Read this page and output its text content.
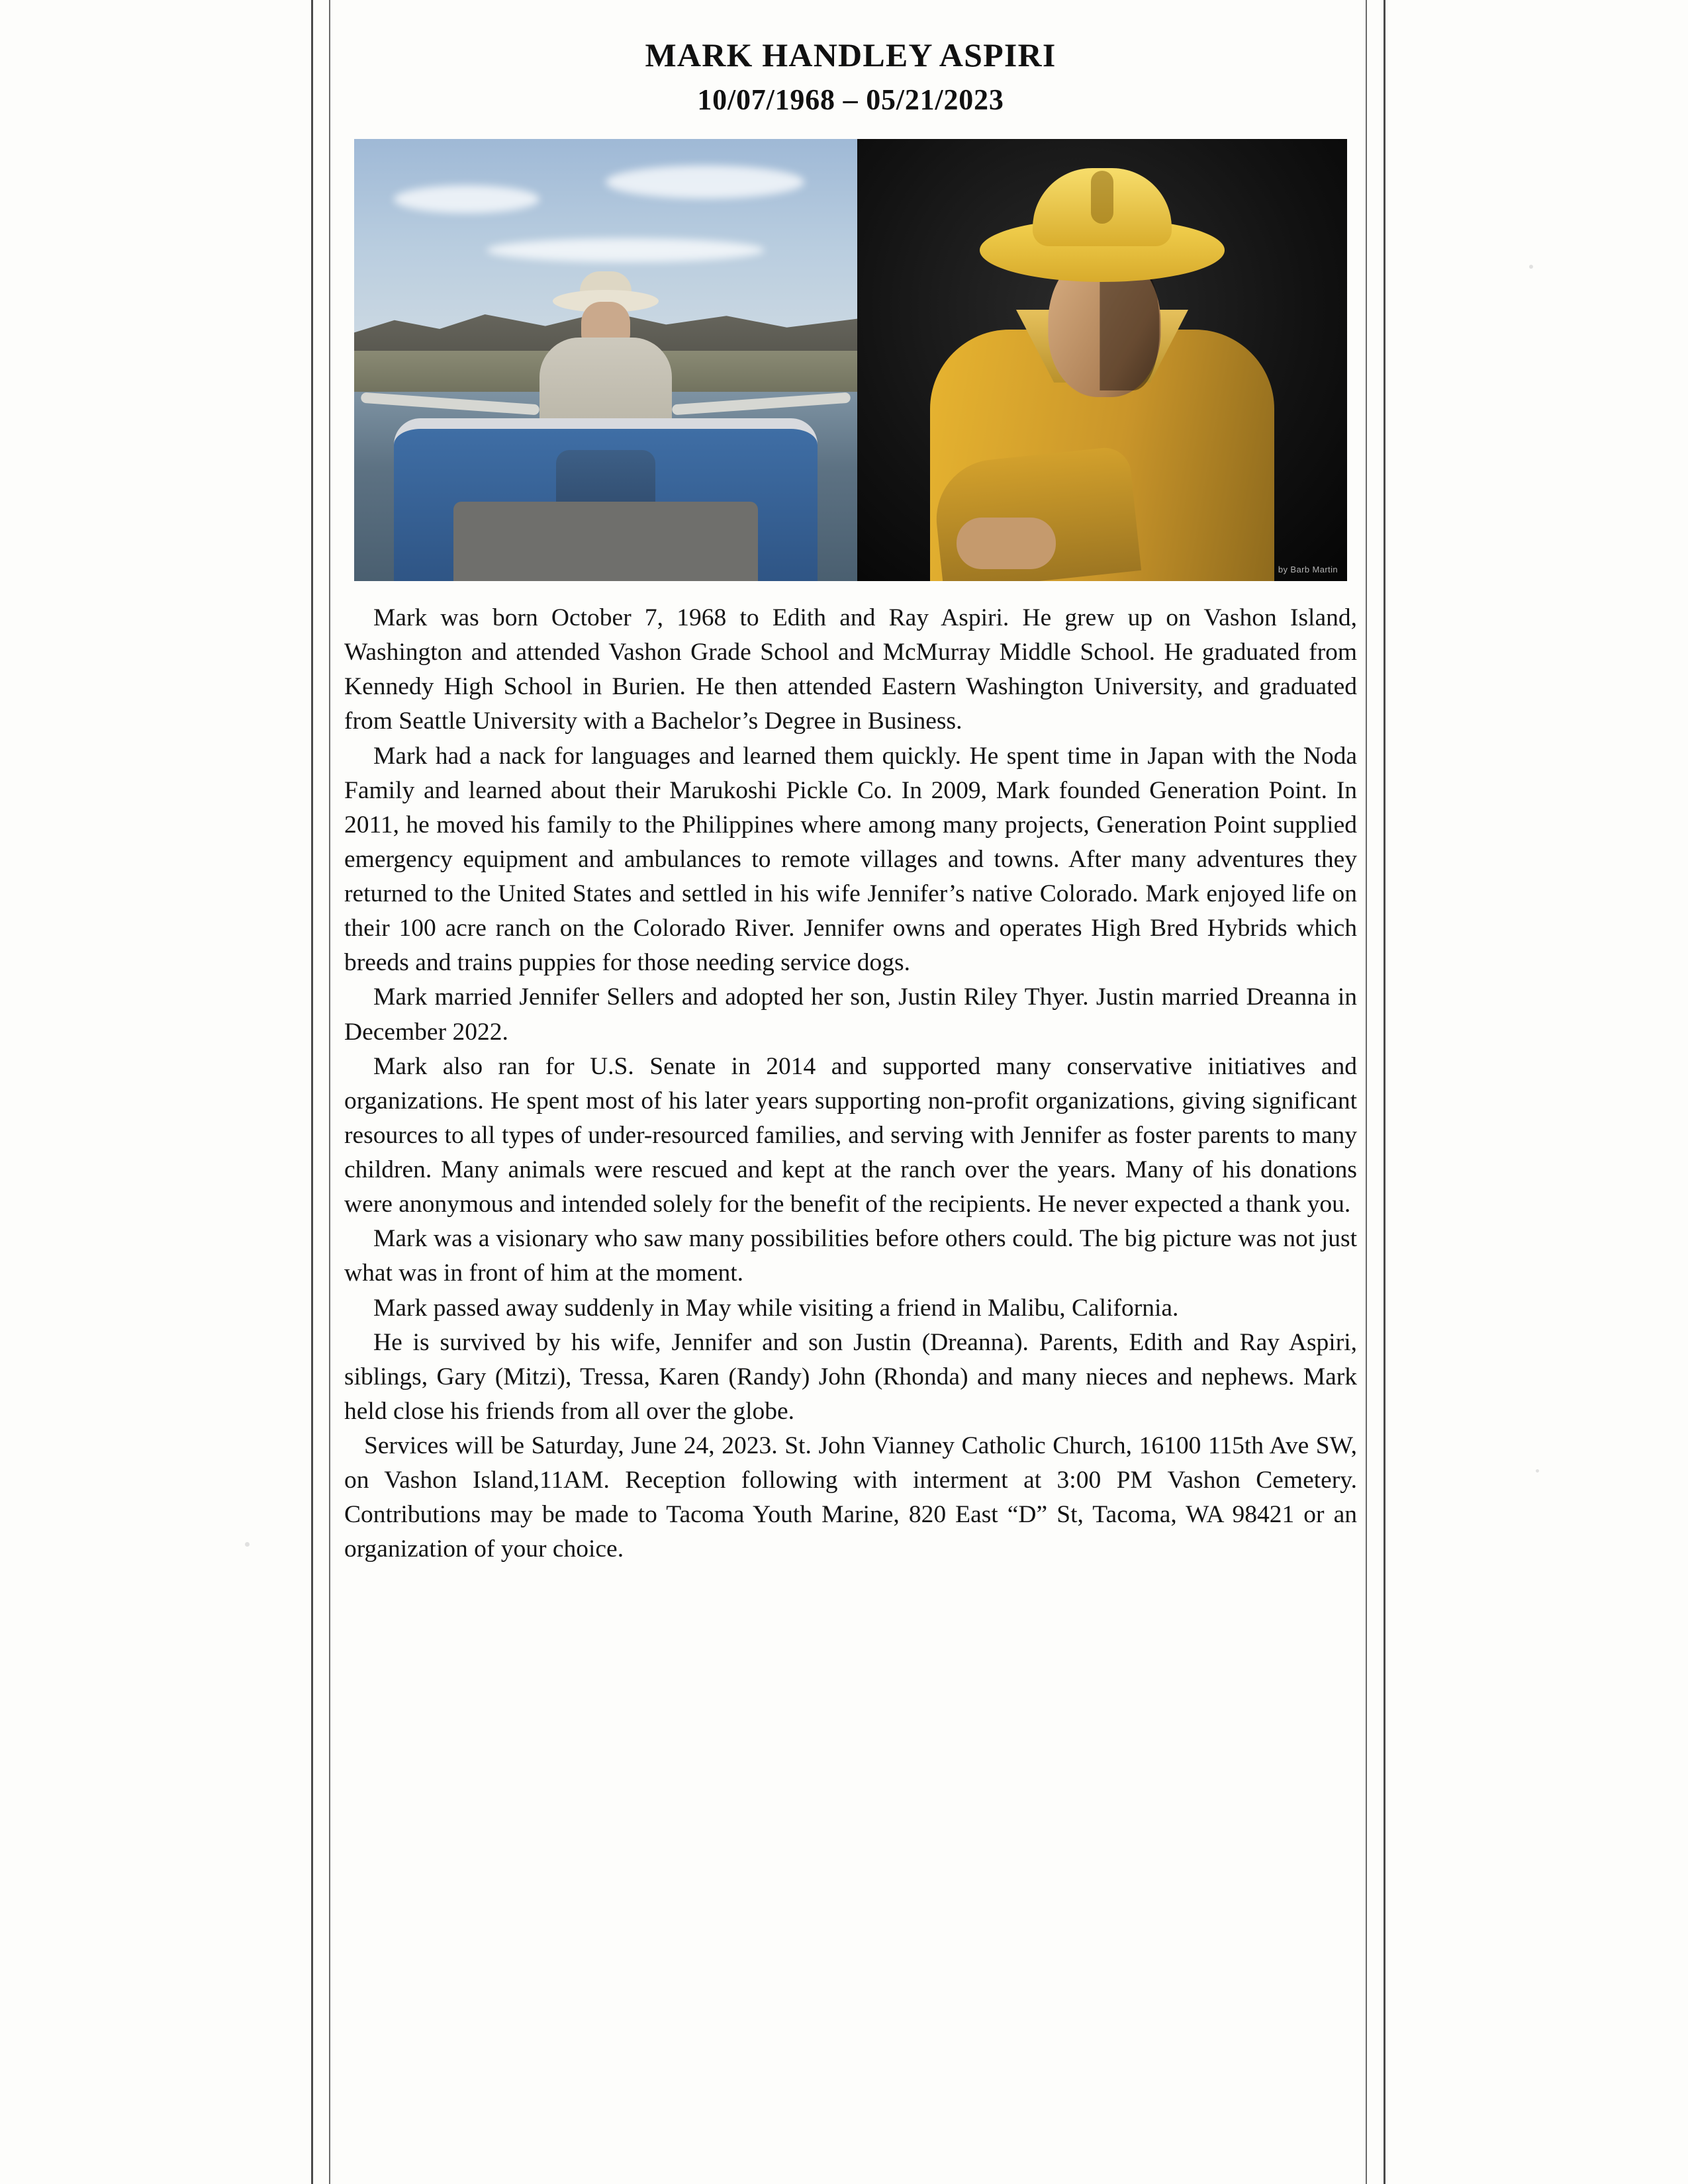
MARK HANDLEY ASPIRI
10/07/1968 – 05/21/2023
by Barb Martin

Mark was born October 7, 1968 to Edith and Ray Aspiri. He grew up on Vashon Island, Washington and attended Vashon Grade School and McMurray Middle School. He graduated from Kennedy High School in Burien. He then attended Eastern Washington University, and graduated from Seattle University with a Bachelor’s Degree in Business.

Mark had a nack for languages and learned them quickly. He spent time in Japan with the Noda Family and learned about their Marukoshi Pickle Co. In 2009, Mark founded Generation Point. In 2011, he moved his family to the Philippines where among many projects, Generation Point supplied emergency equipment and ambulances to remote villages and towns. After many adventures they returned to the United States and settled in his wife Jennifer’s native Colorado. Mark enjoyed life on their 100 acre ranch on the Colorado River. Jennifer owns and operates High Bred Hybrids which breeds and trains puppies for those needing service dogs.

Mark married Jennifer Sellers and adopted her son, Justin Riley Thyer. Justin married Dreanna in December 2022.

Mark also ran for U.S. Senate in 2014 and supported many conservative initiatives and organizations. He spent most of his later years supporting non-profit organizations, giving significant resources to all types of under-resourced families, and serving with Jennifer as foster parents to many children. Many animals were rescued and kept at the ranch over the years. Many of his donations were anonymous and intended solely for the benefit of the recipients. He never expected a thank you.

Mark was a visionary who saw many possibilities before others could. The big picture was not just what was in front of him at the moment.

Mark passed away suddenly in May while visiting a friend in Malibu, California.

He is survived by his wife, Jennifer and son Justin (Dreanna). Parents, Edith and Ray Aspiri, siblings, Gary (Mitzi), Tressa, Karen (Randy) John (Rhonda) and many nieces and nephews. Mark held close his friends from all over the globe.

Services will be Saturday, June 24, 2023. St. John Vianney Catholic Church, 16100 115th Ave SW, on Vashon Island,11AM. Reception following with interment at 3:00 PM Vashon Cemetery. Contributions may be made to Tacoma Youth Marine, 820 East “D” St, Tacoma, WA 98421 or an organization of your choice.
